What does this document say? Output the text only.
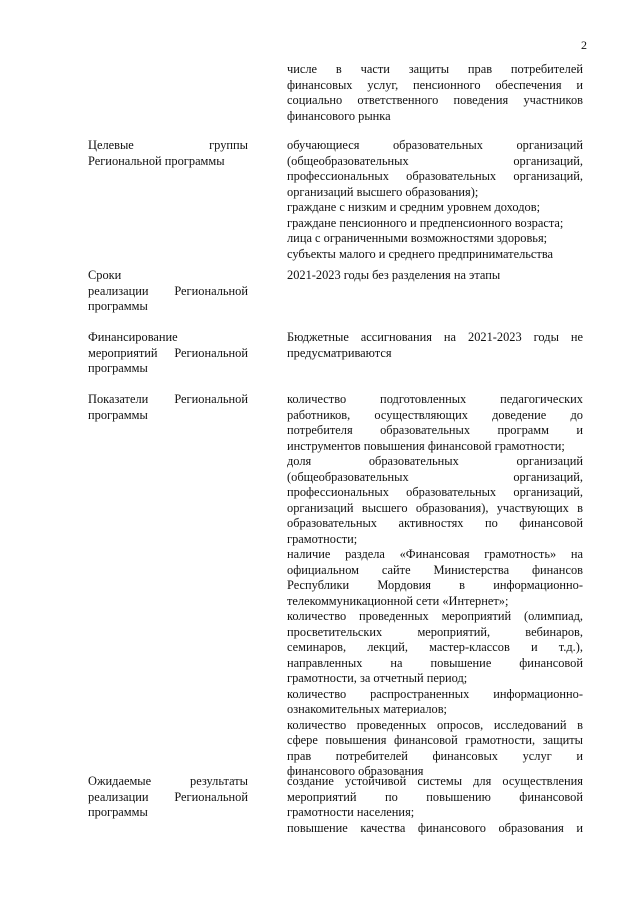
2
числе в части защиты прав потребителей
финансовых услуг, пенсионного обеспечения и
социально ответственного поведения участников
финансового рынка
Целевые группы
Региональной программы
обучающиеся образовательных организаций
(общеобразовательных организаций,
профессиональных образовательных организаций,
организаций высшего образования);
граждане с низким и средним уровнем доходов;
граждане пенсионного и предпенсионного возраста;
лица с ограниченными возможностями здоровья;
субъекты малого и среднего предпринимательства
Сроки
реализации Региональной
программы
2021-2023 годы без разделения на этапы
Финансирование
мероприятий Региональной
программы
Бюджетные ассигнования на 2021-2023 годы не
предусматриваются
Показатели Региональной
программы
количество подготовленных педагогических
работников, осуществляющих доведение до
потребителя образовательных программ и
инструментов повышения финансовой грамотности;
доля образовательных организаций
(общеобразовательных организаций,
профессиональных образовательных организаций,
организаций высшего образования), участвующих в
образовательных активностях по финансовой
грамотности;
наличие раздела «Финансовая грамотность» на
официальном сайте Министерства финансов
Республики Мордовия в информационно-
телекоммуникационной сети «Интернет»;
количество проведенных мероприятий (олимпиад,
просветительских мероприятий, вебинаров,
семинаров, лекций, мастер-классов и т.д.),
направленных на повышение финансовой
грамотности, за отчетный период;
количество распространенных информационно-
ознакомительных материалов;
количество проведенных опросов, исследований в
сфере повышения финансовой грамотности, защиты
прав потребителей финансовых услуг и
финансового образования
Ожидаемые результаты
реализации Региональной
программы
создание устойчивой системы для осуществления
мероприятий по повышению финансовой
грамотности населения;
повышение качества финансового образования и
